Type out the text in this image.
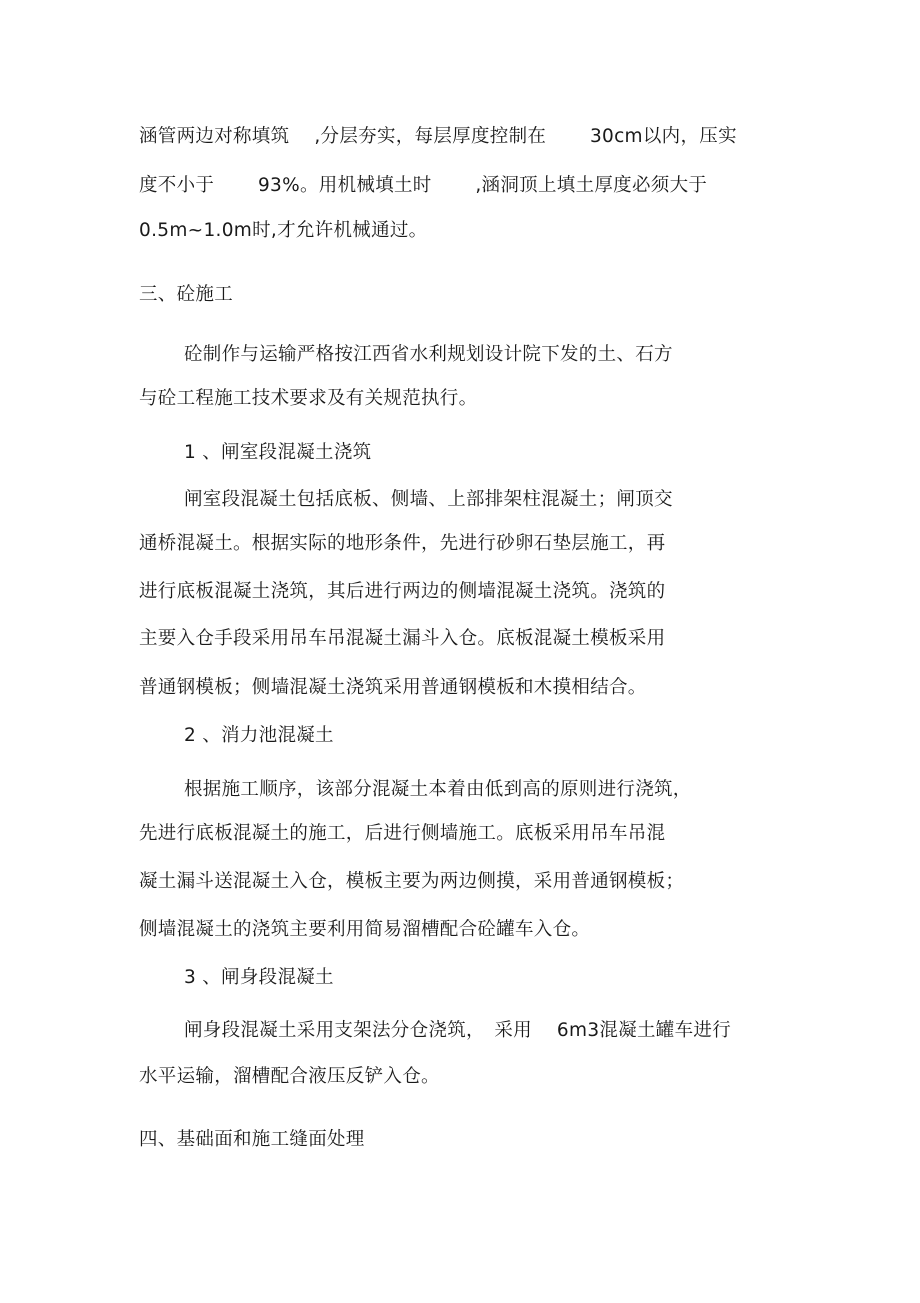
涵管两边对称填筑　 ,分层夯实，每层厚度控制在　　 30cm以内，压实
度不小于　　 93%。用机械填土时　　 ,涵洞顶上填土厚度必须大于
0.5m~1.0m时,才允许机械通过。
三、砼施工
砼制作与运输严格按江西省水利规划设计院下发的土、石方
与砼工程施工技术要求及有关规范执行。
1 、闸室段混凝土浇筑
闸室段混凝土包括底板、侧墙、上部排架柱混凝土；闸顶交
通桥混凝土。根据实际的地形条件，先进行砂卵石垫层施工，再
进行底板混凝土浇筑，其后进行两边的侧墙混凝土浇筑。浇筑的
主要入仓手段采用吊车吊混凝土漏斗入仓。底板混凝土模板采用
普通钢模板；侧墙混凝土浇筑采用普通钢模板和木摸相结合。
2 、消力池混凝土
根据施工顺序，该部分混凝土本着由低到高的原则进行浇筑，
先进行底板混凝土的施工，后进行侧墙施工。底板采用吊车吊混
凝土漏斗送混凝土入仓，模板主要为两边侧摸，采用普通钢模板；
侧墙混凝土的浇筑主要利用简易溜槽配合砼罐车入仓。
3 、闸身段混凝土
闸身段混凝土采用支架法分仓浇筑，　采用　 6m3混凝土罐车进行
水平运输，溜槽配合液压反铲入仓。
四、基础面和施工缝面处理
